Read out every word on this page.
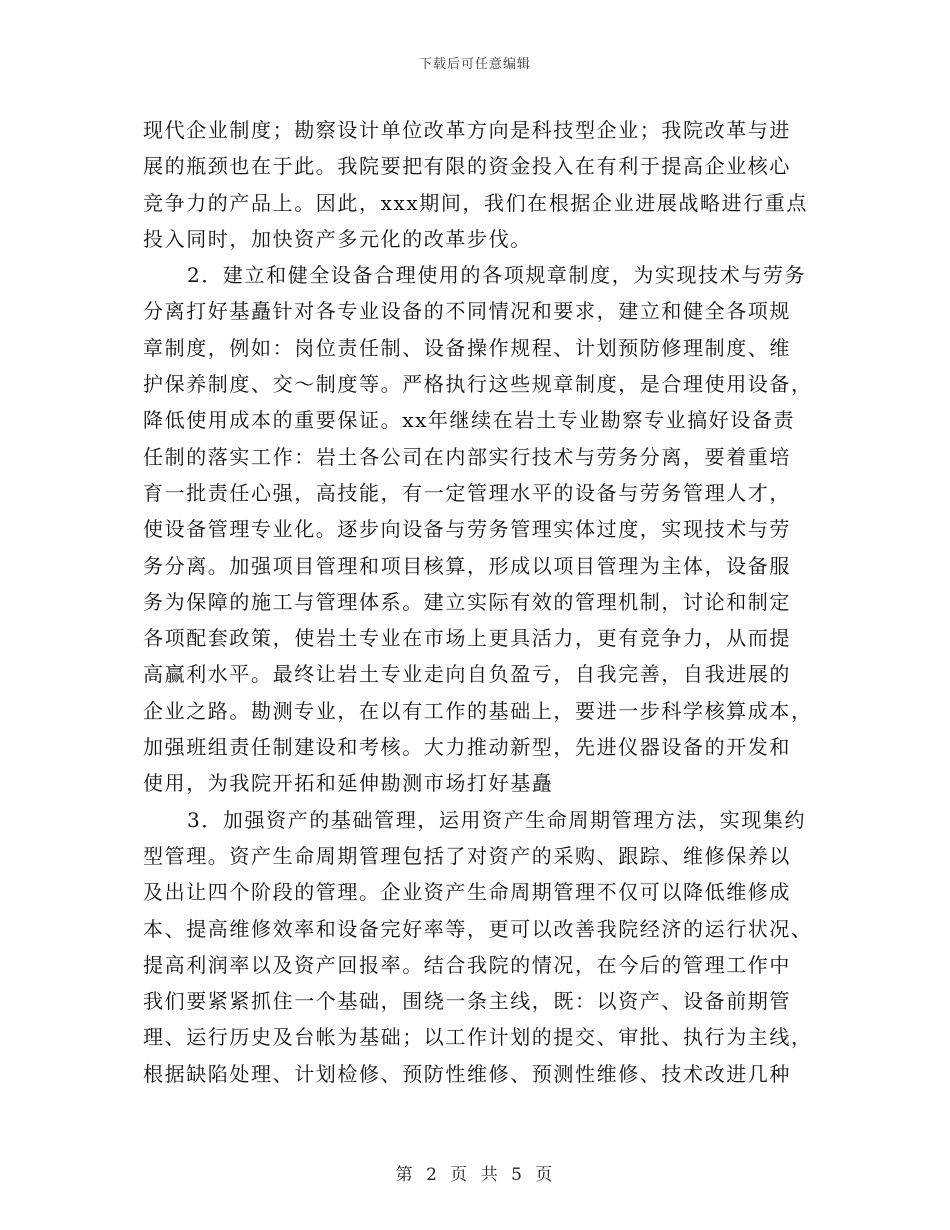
下载后可任意编辑
现代企业制度；勘察设计单位改革方向是科技型企业；我院改革与进
展的瓶颈也在于此。我院要把有限的资金投入在有利于提高企业核心
竞争力的产品上。因此，xxx期间，我们在根据企业进展战略进行重点
投入同时，加快资产多元化的改革步伐。
2．建立和健全设备合理使用的各项规章制度，为实现技术与劳务
分离打好基矗针对各专业设备的不同情况和要求，建立和健全各项规
章制度，例如：岗位责任制、设备操作规程、计划预防修理制度、维
护保养制度、交～制度等。严格执行这些规章制度，是合理使用设备，
降低使用成本的重要保证。xx年继续在岩土专业勘察专业搞好设备责
任制的落实工作：岩土各公司在内部实行技术与劳务分离，要着重培
育一批责任心强，高技能，有一定管理水平的设备与劳务管理人才，
使设备管理专业化。逐步向设备与劳务管理实体过度，实现技术与劳
务分离。加强项目管理和项目核算，形成以项目管理为主体，设备服
务为保障的施工与管理体系。建立实际有效的管理机制，讨论和制定
各项配套政策，使岩土专业在市场上更具活力，更有竞争力，从而提
高赢利水平。最终让岩土专业走向自负盈亏，自我完善，自我进展的
企业之路。勘测专业，在以有工作的基础上，要进一步科学核算成本，
加强班组责任制建设和考核。大力推动新型，先进仪器设备的开发和
使用，为我院开拓和延伸勘测市场打好基矗
3．加强资产的基础管理，运用资产生命周期管理方法，实现集约
型管理。资产生命周期管理包括了对资产的采购、跟踪、维修保养以
及出让四个阶段的管理。企业资产生命周期管理不仅可以降低维修成
本、提高维修效率和设备完好率等，更可以改善我院经济的运行状况、
提高利润率以及资产回报率。结合我院的情况，在今后的管理工作中
我们要紧紧抓住一个基础，围绕一条主线，既：以资产、设备前期管
理、运行历史及台帐为基础；以工作计划的提交、审批、执行为主线，
根据缺陷处理、计划检修、预防性维修、预测性维修、技术改进几种
第 2 页 共 5 页
